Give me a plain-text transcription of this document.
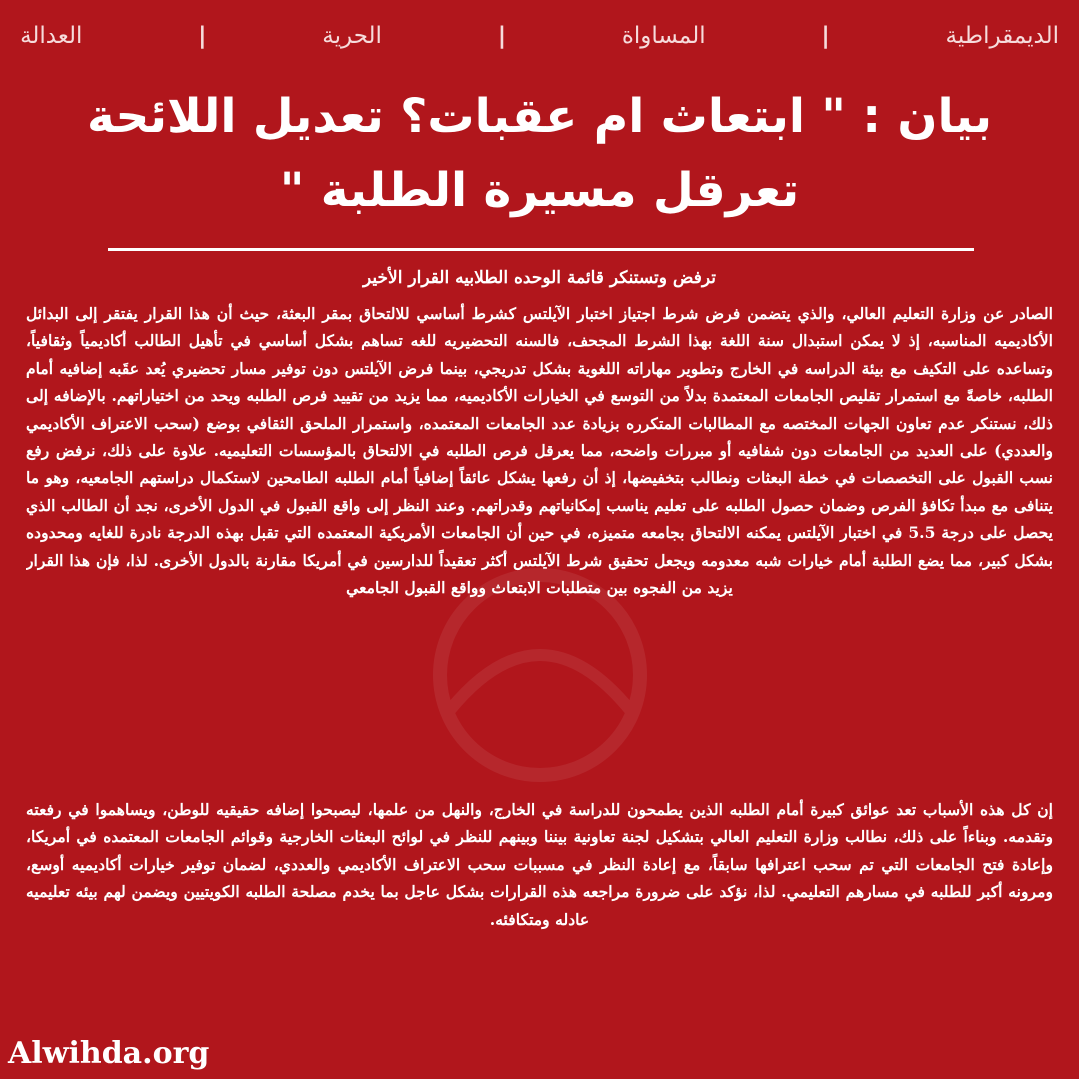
الديمقراطية
|
المساواة
|
الحرية
|
العدالة
بيان : " ابتعاث ام عقبات؟ تعديل اللائحة
تعرقل مسيرة الطلبة "
ترفض وتستنكر قائمة الوحده الطلابيه القرار الأخير
الصادر عن وزارة التعليم العالي، والذي يتضمن فرض شرط اجتياز اختبار الآيلتس كشرط أساسي للالتحاق بمقر البعثة، حيث أن هذا القرار يفتقر إلى البدائل الأكاديميه المناسبه، إذ لا يمكن استبدال سنة اللغة بهذا الشرط المجحف، فالسنه التحضيريه للغه تساهم بشكل أساسي في تأهيل الطالب أكاديمياً وثقافياً، وتساعده على التكيف مع بيئة الدراسه في الخارج وتطوير مهاراته اللغوية بشكل تدريجي، بينما فرض الآيلتس دون توفير مسار تحضيري يُعد عقَبه إضافيه أمام الطلبه، خاصةً مع استمرار تقليص الجامعات المعتمدة بدلاً من التوسع في الخيارات الأكاديميه، مما يزيد من تقييد فرص الطلبه ويحد من اختياراتهم. بالإضافه إلى ذلك، نستنكر عدم تعاون الجهات المختصه مع المطالبات المتكرره بزيادة عدد الجامعات المعتمده، واستمرار الملحق الثقافي بوضع (سحب الاعتراف الأكاديمي والعددي) على العديد من الجامعات دون شفافيه أو مبررات واضحه، مما يعرقل فرص الطلبه في الالتحاق بالمؤسسات التعليميه. علاوة على ذلك، نرفض رفع نسب القبول على التخصصات في خطة البعثات ونطالب بتخفيضها، إذ أن رفعها يشكل عائقاً إضافياً أمام الطلبه الطامحين لاستكمال دراستهم الجامعيه، وهو ما يتنافى مع مبدأ تكافؤ الفرص وضمان حصول الطلبه على تعليم يناسب إمكانياتهم وقدراتهم. وعند النظر إلى واقع القبول في الدول الأخرى، نجد أن الطالب الذي يحصل على درجة 5.5 في اختبار الآيلتس يمكنه الالتحاق بجامعه متميزه، في حين أن الجامعات الأمريكية المعتمده التي تقبل بهذه الدرجة نادرة للغايه ومحدوده بشكل كبير، مما يضع الطلبة أمام خيارات شبه معدومه ويجعل تحقيق شرط الآيلتس أكثر تعقيداً للدارسين في أمريكا مقارنة بالدول الأخرى. لذا، فإن هذا القرار يزيد من الفجوه بين متطلبات الابتعاث وواقع القبول الجامعي
إن كل هذه الأسباب تعد عوائق كبيرة أمام الطلبه الذين يطمحون للدراسة في الخارج، والنهل من علمها، ليصبحوا إضافه حقيقيه للوطن، ويساهموا في رفعته وتقدمه. وبناءاً على ذلك، نطالب وزارة التعليم العالي بتشكيل لجنة تعاونية بيننا وبينهم للنظر في لوائح البعثات الخارجية وقوائم الجامعات المعتمده في أمريكا، وإعادة فتح الجامعات التي تم سحب اعترافها سابقاً، مع إعادة النظر في مسببات سحب الاعتراف الأكاديمي والعددي، لضمان توفير خيارات أكاديميه أوسع، ومرونه أكبر للطلبه في مسارهم التعليمي. لذا، نؤكد على ضرورة مراجعه هذه القرارات بشكل عاجل بما يخدم مصلحة الطلبه الكويتيين ويضمن لهم بيئه تعليميه عادله ومتكافئه.
Alwihda.org
